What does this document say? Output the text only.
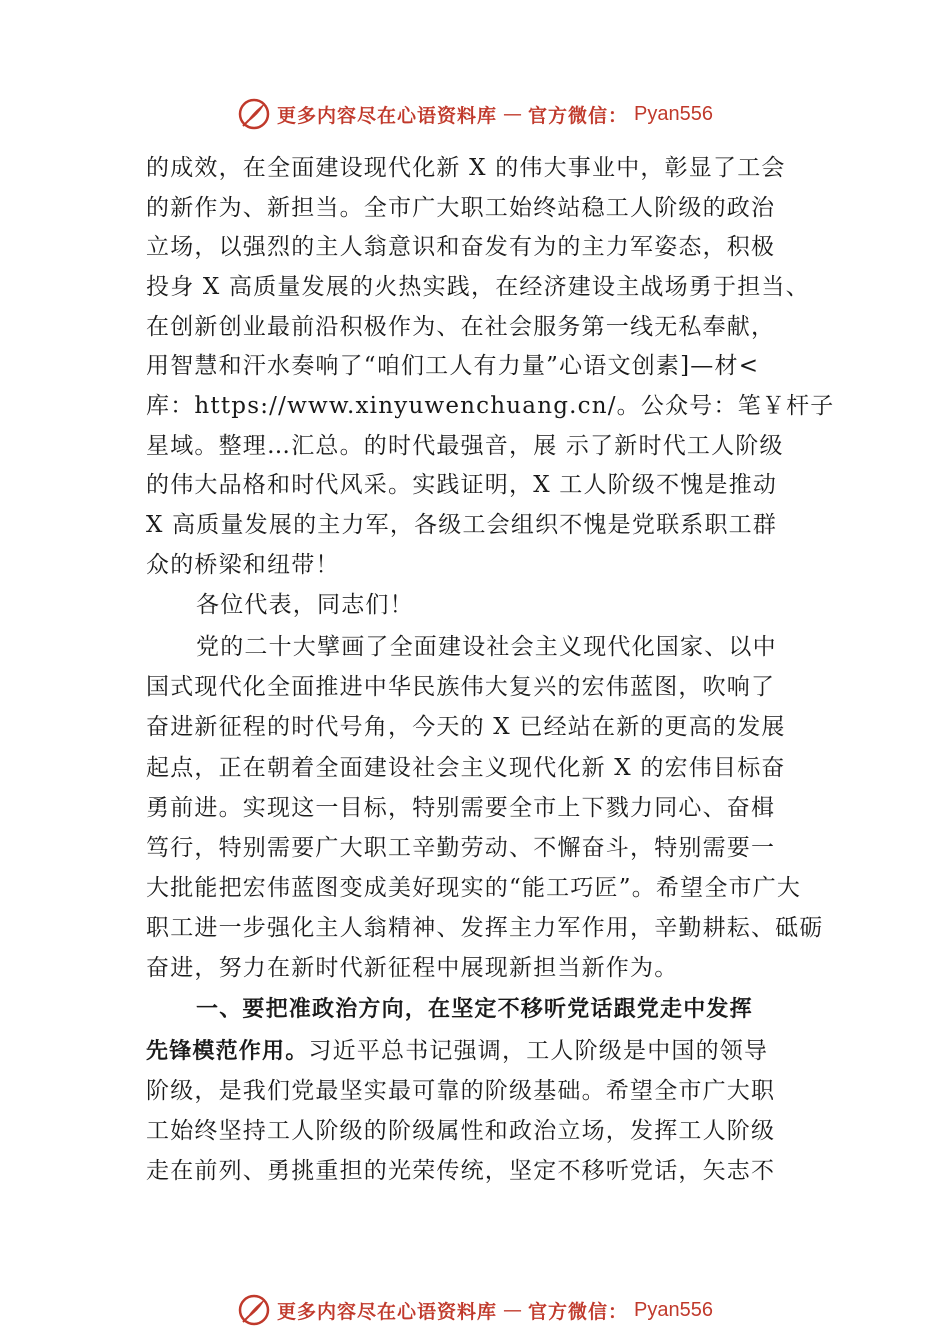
更多内容尽在心语资料库 — 官方微信： Pyan556
的成效，在全面建设现代化新 X 的伟大事业中，彰显了工会
的新作为、新担当。全市广大职工始终站稳工人阶级的政治
立场，以强烈的主人翁意识和奋发有为的主力军姿态，积极
投身 X 高质量发展的火热实践，在经济建设主战场勇于担当、
在创新创业最前沿积极作为、在社会服务第一线无私奉献，
用智慧和汗水奏响了“咱们工人有力量”心语文创素]—材<
库：https://www.xinyuwenchuang.cn/。公众号：笔￥杆子
星域。整理…汇总。的时代最强音，展 示了新时代工人阶级
的伟大品格和时代风采。实践证明，X 工人阶级不愧是推动
X 高质量发展的主力军，各级工会组织不愧是党联系职工群
众的桥梁和纽带！
各位代表，同志们！
党的二十大擘画了全面建设社会主义现代化国家、以中
国式现代化全面推进中华民族伟大复兴的宏伟蓝图，吹响了
奋进新征程的时代号角，今天的 X 已经站在新的更高的发展
起点，正在朝着全面建设社会主义现代化新 X 的宏伟目标奋
勇前进。实现这一目标，特别需要全市上下戮力同心、奋楫
笃行，特别需要广大职工辛勤劳动、不懈奋斗，特别需要一
大批能把宏伟蓝图变成美好现实的“能工巧匠”。希望全市广大
职工进一步强化主人翁精神、发挥主力军作用，辛勤耕耘、砥砺
奋进，努力在新时代新征程中展现新担当新作为。
一、要把准政治方向，在坚定不移听党话跟党走中发挥
先锋模范作用。习近平总书记强调，工人阶级是中国的领导
阶级，是我们党最坚实最可靠的阶级基础。希望全市广大职
工始终坚持工人阶级的阶级属性和政治立场，发挥工人阶级
走在前列、勇挑重担的光荣传统，坚定不移听党话，矢志不
更多内容尽在心语资料库 — 官方微信： Pyan556
